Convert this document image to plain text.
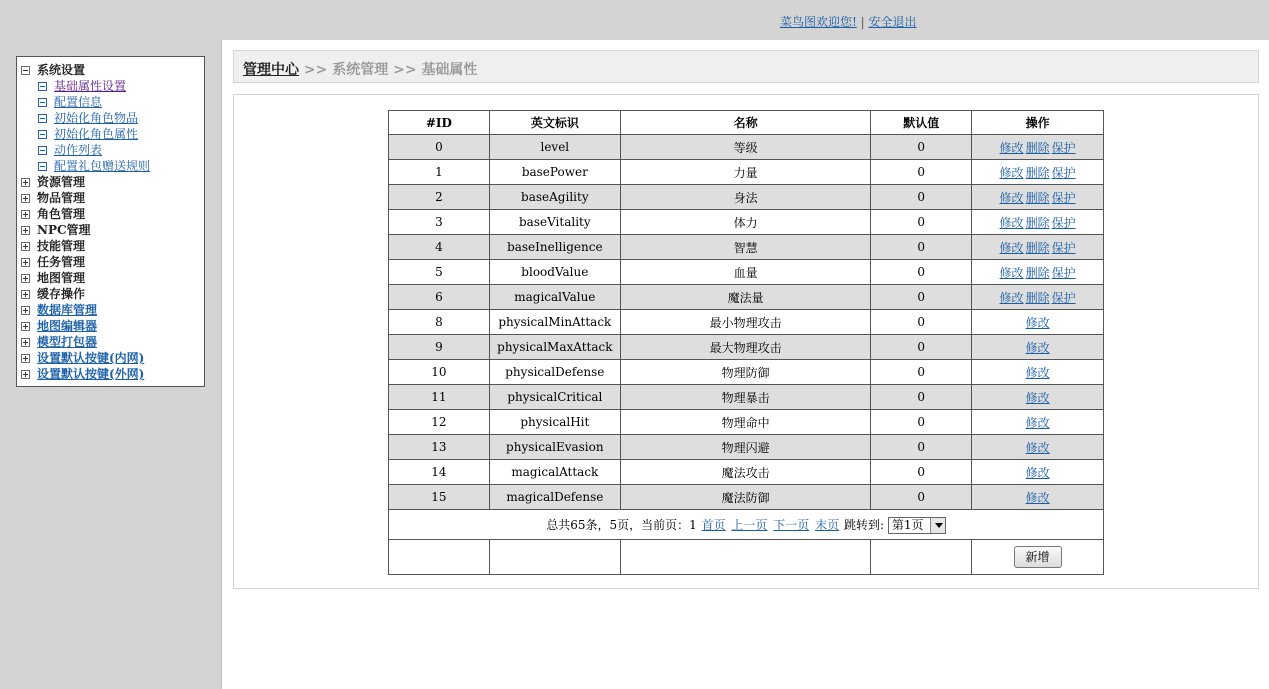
菜鸟图欢迎您! | 安全退出
系统设置
基础属性设置
配置信息
初始化角色物品
初始化角色属性
动作列表
配置礼包赠送规则
资源管理
物品管理
角色管理
NPC管理
技能管理
任务管理
地图管理
缓存操作
数据库管理
地图编辑器
模型打包器
设置默认按键(内网)
设置默认按键(外网)
管理中心 >> 系统管理 >> 基础属性
#ID	英文标识	名称	默认值	操作
0	level	等级	0	修改 删除 保护
1	basePower	力量	0	修改 删除 保护
2	baseAgility	身法	0	修改 删除 保护
3	baseVitality	体力	0	修改 删除 保护
4	baseInelligence	智慧	0	修改 删除 保护
5	bloodValue	血量	0	修改 删除 保护
6	magicalValue	魔法量	0	修改 删除 保护
8	physicalMinAttack	最小物理攻击	0	修改
9	physicalMaxAttack	最大物理攻击	0	修改
10	physicalDefense	物理防御	0	修改
11	physicalCritical	物理暴击	0	修改
12	physicalHit	物理命中	0	修改
13	physicalEvasion	物理闪避	0	修改
14	magicalAttack	魔法攻击	0	修改
15	magicalDefense	魔法防御	0	修改
总共65条，5页，当前页：1 首页 上一页 下一页 末页 跳转到: 第1页				

				新增
